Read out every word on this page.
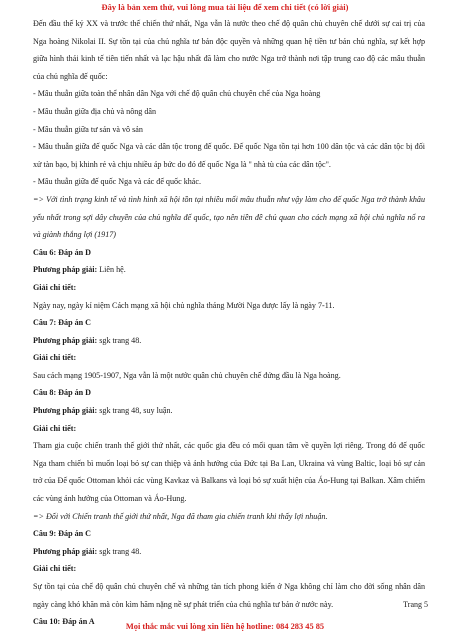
Đây là bản xem thử, vui lòng mua tài liệu để xem chi tiết (có lời giải)

Đến đầu thế kỷ XX và trước thế chiến thứ nhất, Nga vẫn là nước theo chế độ quân chủ chuyên chế dưới sự cai trị của Nga hoàng Nikolai II. Sự tồn tại của chủ nghĩa tư bản độc quyền và những quan hệ tiền tư bản chủ nghĩa, sự kết hợp giữa hình thái kinh tế tiên tiến nhất và lạc hậu nhất đã làm cho nước Nga trở thành nơi tập trung cao độ các mâu thuẫn của chủ nghĩa đế quốc:

- Mâu thuẫn giữa toàn thể nhân dân Nga với chế độ quân chủ chuyên chế của Nga hoàng

- Mâu thuẫn giữa địa chủ và nông dân

- Mâu thuẫn giữa tư sản và vô sản

- Mâu thuẫn giữa đế quốc Nga và các dân tộc trong đế quốc. Đế quốc Nga tồn tại hơn 100 dân tộc và các dân tộc bị đối xử tàn bạo, bị khinh rẻ và chịu nhiều áp bức do đó đế quốc Nga là " nhà tù của các dân tộc".

- Mâu thuẫn giữa đế quốc Nga và các đế quốc khác.

=> Với tình trạng kinh tế và tình hình xã hội tồn tại nhiều mối mâu thuẫn như vậy làm cho đế quốc Nga trở thành khâu yếu nhất trong sợi dây chuyền của chủ nghĩa đế quốc, tạo nên tiền đề chủ quan cho cách mạng xã hội chủ nghĩa nổ ra và giành thắng lợi (1917)

Câu 6: Đáp án D

Phương pháp giải: Liên hệ.

Giải chi tiết:

Ngày nay, ngày kỉ niệm Cách mạng xã hội chủ nghĩa tháng Mười Nga được lấy là ngày 7-11.

Câu 7: Đáp án C

Phương pháp giải: sgk trang 48.

Giải chi tiết:

Sau cách mạng 1905-1907, Nga vẫn là một nước quân chủ chuyên chế đứng đầu là Nga hoàng.

Câu 8: Đáp án D

Phương pháp giải: sgk trang 48, suy luận.

Giải chi tiết:

Tham gia cuộc chiến tranh thế giới thứ nhất, các quốc gia đều có mối quan tâm về quyền lợi riêng. Trong đó đế quốc Nga tham chiến bì muốn loại bỏ sự can thiệp và ảnh hưởng của Đức tại Ba Lan, Ukraina và vùng Baltic, loại bỏ sự cản trở của Đế quốc Ottoman khỏi các vùng Kavkaz và Balkans và loại bỏ sự xuất hiện của Áo-Hung tại Balkan. Xâm chiếm các vùng ảnh hưởng của Ottoman và Áo-Hung.

=> Đối với Chiến tranh thế giới thứ nhất, Nga đã tham gia chiến tranh khi thấy lợi nhuận.

Câu 9: Đáp án C

Phương pháp giải: sgk trang 48.

Giải chi tiết:

Sự tồn tại của chế độ quân chủ chuyên chế và những tàn tích phong kiến ở Nga không chỉ làm cho đời sống nhân dân ngày càng khó khăn mà còn kìm hãm nặng nề sự phát triển của chủ nghĩa tư bản ở nước này.

Câu 10: Đáp án A

Trang 5
Mọi thắc mắc vui lòng xin liên hệ hotline: 084 283 45 85
